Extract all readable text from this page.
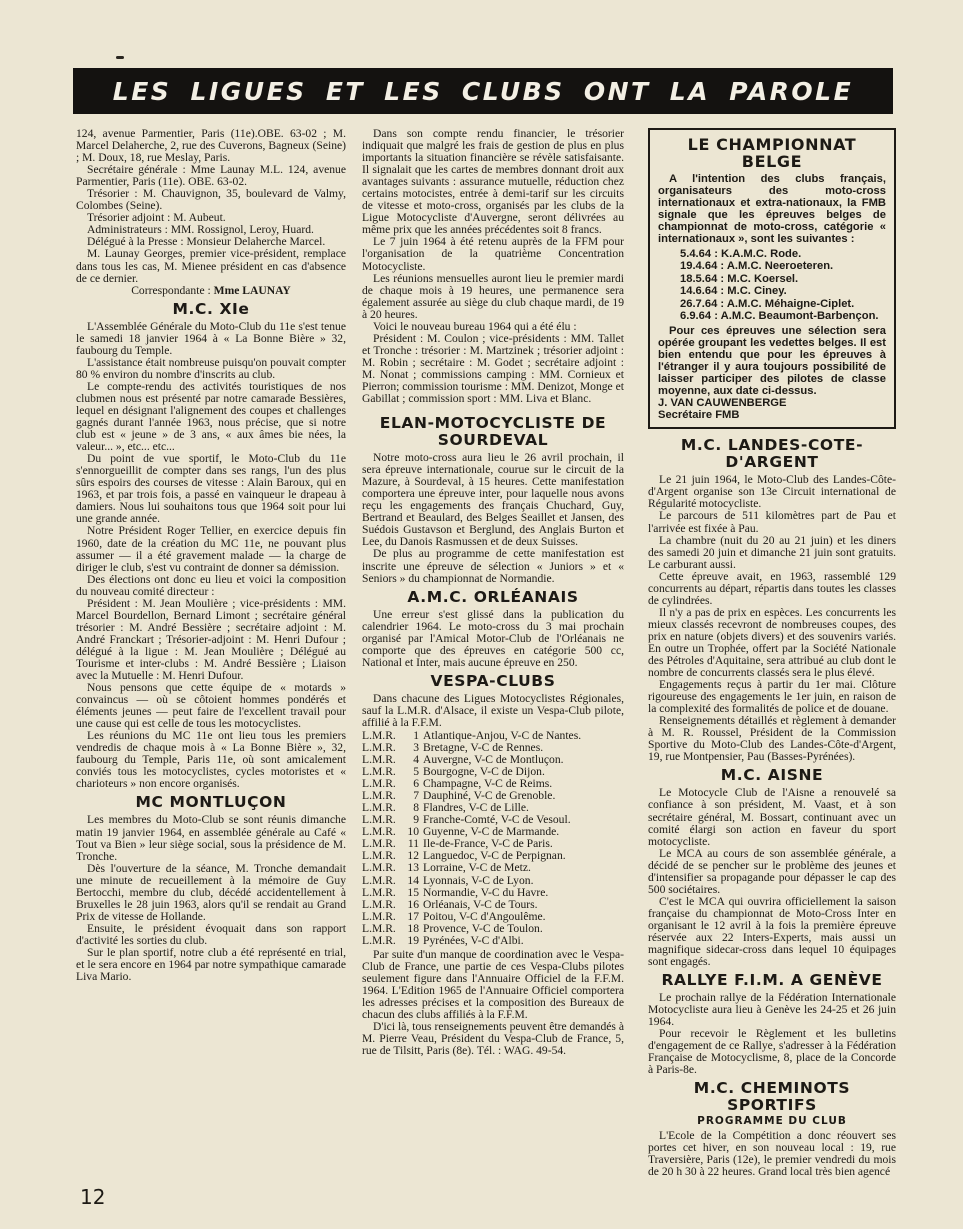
LES LIGUES ET LES CLUBS ONT LA PAROLE

124, avenue Parmentier, Paris (11e).OBE. 63-02 ; M. Marcel Delaherche, 2, rue des Cuverons, Bagneux (Seine) ; M. Doux, 18, rue Meslay, Paris.

Secrétaire générale : Mme Launay M.L. 124, avenue Parmentier, Paris (11e). OBE. 63-02.

Trésorier : M. Chauvignon, 35, boulevard de Valmy, Colombes (Seine).

Trésorier adjoint : M. Aubeut.

Administrateurs : MM. Rossignol, Leroy, Huard.

Délégué à la Presse : Monsieur Delaherche Marcel.

M. Launay Georges, premier vice-président, remplace dans tous les cas, M. Mienee président en cas d'absence de ce dernier.

Correspondante : Mme LAUNAY

M.C. XIe

L'Assemblée Générale du Moto-Club du 11e s'est tenue le samedi 18 janvier 1964 à « La Bonne Bière » 32, faubourg du Temple.

L'assistance était nombreuse puisqu'on pouvait compter 80 % environ du nombre d'inscrits au club.

Le compte-rendu des activités touristiques de nos clubmen nous est présenté par notre camarade Bessières, lequel en désignant l'alignement des coupes et challenges gagnés durant l'année 1963, nous précise, que si notre club est « jeune » de 3 ans, « aux âmes bie nées, la valeur... », etc... etc...

Du point de vue sportif, le Moto-Club du 11e s'ennorgueillit de compter dans ses rangs, l'un des plus sûrs espoirs des courses de vitesse : Alain Baroux, qui en 1963, et par trois fois, a passé en vainqueur le drapeau à damiers. Nous lui souhaitons tous que 1964 soit pour lui une grande année.

Notre Président Roger Tellier, en exercice depuis fin 1960, date de la création du MC 11e, ne pouvant plus assumer — il a été gravement malade — la charge de diriger le club, s'est vu contraint de donner sa démission.

Des élections ont donc eu lieu et voici la composition du nouveau comité directeur :

Président : M. Jean Moulière ; vice-présidents : MM. Marcel Bourdellon, Bernard Limont ; secrétaire général trésorier : M. André Bessière ; secrétaire adjoint : M. André Franckart ; Trésorier-adjoint : M. Henri Dufour ; délégué à la ligue : M. Jean Moulière ; Délégué au Tourisme et inter-clubs : M. André Bessière ; Liaison avec la Mutuelle : M. Henri Dufour.

Nous pensons que cette équipe de « motards » convaincus — où se côtoient hommes pondérés et éléments jeunes — peut faire de l'excellent travail pour une cause qui est celle de tous les motocyclistes.

Les réunions du MC 11e ont lieu tous les premiers vendredis de chaque mois à « La Bonne Bière », 32, faubourg du Temple, Paris 11e, où sont amicalement conviés tous les motocyclistes, cycles motoristes et « charioteurs » non encore organisés.

MC MONTLUÇON

Les membres du Moto-Club se sont réunis dimanche matin 19 janvier 1964, en assemblée générale au Café « Tout va Bien » leur siège social, sous la présidence de M. Tronche.

Dès l'ouverture de la séance, M. Tronche demandait une minute de recueillement à la mémoire de Guy Bertocchi, membre du club, décédé accidentellement à Bruxelles le 28 juin 1963, alors qu'il se rendait au Grand Prix de vitesse de Hollande.

Ensuite, le président évoquait dans son rapport d'activité les sorties du club.

Sur le plan sportif, notre club a été représenté en trial, et le sera encore en 1964 par notre sympathique camarade Liva Mario.

Dans son compte rendu financier, le trésorier indiquait que malgré les frais de gestion de plus en plus importants la situation financière se révèle satisfaisante. Il signalait que les cartes de membres donnant droit aux avantages suivants : assurance mutuelle, réduction chez certains motocistes, entrée à demi-tarif sur les circuits de vitesse et moto-cross, organisés par les clubs de la Ligue Motocycliste d'Auvergne, seront délivrées au même prix que les années précédentes soit 8 francs.

Le 7 juin 1964 à été retenu auprès de la FFM pour l'organisation de la quatrième Concentration Motocycliste.

Les réunions mensuelles auront lieu le premier mardi de chaque mois à 19 heures, une permanence sera également assurée au siège du club chaque mardi, de 19 à 20 heures.

Voici le nouveau bureau 1964 qui a été élu :

Président : M. Coulon ; vice-présidents : MM. Tallet et Tronche : trésorier : M. Martzinek ; trésorier adjoint : M. Robin ; secrétaire : M. Godet ; secrétaire adjoint : M. Nonat ; commissions camping : MM. Cornieux et Pierron; commission tourisme : MM. Denizot, Monge et Gabillat ; commission sport : MM. Liva et Blanc.

ELAN-MOTOCYCLISTE DE SOURDEVAL

Notre moto-cross aura lieu le 26 avril prochain, il sera épreuve internationale, courue sur le circuit de la Mazure, à Sourdeval, à 15 heures. Cette manifestation comportera une épreuve inter, pour laquelle nous avons reçu les engagements des français Chuchard, Guy, Bertrand et Beaulard, des Belges Seaillet et Jansen, des Suédois Gustavson et Berglund, des Anglais Burton et Lee, du Danois Rasmussen et de deux Suisses.

De plus au programme de cette manifestation est inscrite une épreuve de sélection « Juniors » et « Seniors » du championnat de Normandie.

A.M.C. ORLÉANAIS

Une erreur s'est glissé dans la publication du calendrier 1964. Le moto-cross du 3 mai prochain organisé par l'Amical Motor-Club de l'Orléanais ne comporte que des épreuves en catégorie 500 cc, National et Inter, mais aucune épreuve en 250.

VESPA-CLUBS

Dans chacune des Ligues Motocyclistes Régionales, sauf la L.M.R. d'Alsace, il existe un Vespa-Club pilote, affilié à la F.F.M.

L.M.R.	1 Atlantique-Anjou, V-C de Nantes.
L.M.R.	3 Bretagne, V-C de Rennes.
L.M.R.	4 Auvergne, V-C de Montluçon.
L.M.R.	5 Bourgogne, V-C de Dijon.
L.M.R.	6 Champagne, V-C de Reims.
L.M.R.	7 Dauphiné, V-C de Grenoble.
L.M.R.	8 Flandres, V-C de Lille.
L.M.R.	9 Franche-Comté, V-C de Vesoul.
L.M.R. 10 Guyenne, V-C de Marmande.
L.M.R.	11 Ile-de-France, V-C de Paris.
L.M.R. 12 Languedoc, V-C de Perpignan.
L.M.R. 13 Lorraine, V-C de Metz.
L.M.R. 14 Lyonnais, V-C de Lyon.
L.M.R. 15 Normandie, V-C du Havre.
L.M.R. 16 Orléanais, V-C de Tours.
L.M.R. 17 Poitou, V-C d'Angoulême.
L.M.R. 18 Provence, V-C de Toulon.
L.M.R. 19 Pyrénées, V-C d'Albi.

Par suite d'un manque de coordination avec le Vespa-Club de France, une partie de ces Vespa-Clubs pilotes seulement figure dans l'Annuaire Officiel de la F.F.M. 1964. L'Edition 1965 de l'Annuaire Officiel comportera les adresses précises et la composition des Bureaux de chacun des clubs affiliés à la F.F.M.

D'ici là, tous renseignements peuvent être demandés à M. Pierre Veau, Président du Vespa-Club de France, 5, rue de Tilsitt, Paris (8e). Tél. : WAG. 49-54.

LE CHAMPIONNAT BELGE

A l'intention des clubs français, organisateurs des moto-cross internationaux et extra-nationaux, la FMB signale que les épreuves belges de championnat de moto-cross, catégorie « internationaux », sont les suivantes :

5.4.64 : K.A.M.C. Rode.
19.4.64 : A.M.C. Neeroeteren.
18.5.64 : M.C. Koersel.
14.6.64 : M.C. Ciney.
26.7.64 : A.M.C. Méhaigne-Ciplet.
6.9.64 : A.M.C. Beaumont-Barbençon.

Pour ces épreuves une sélection sera opérée groupant les vedettes belges. Il est bien entendu que pour les épreuves à l'étranger il y aura toujours possibilité de laisser participer des pilotes de classe moyenne, aux date ci-dessus.

J. VAN CAUWENBERGE

Secrétaire FMB

M.C. LANDES-COTE-D'ARGENT

Le 21 juin 1964, le Moto-Club des Landes-Côte-d'Argent organise son 13e Circuit international de Régularité motocycliste.

Le parcours de 511 kilomètres part de Pau et l'arrivée est fixée à Pau.

La chambre (nuit du 20 au 21 juin) et les diners des samedi 20 juin et dimanche 21 juin sont gratuits. Le carburant aussi.

Cette épreuve avait, en 1963, rassemblé 129 concurrents au départ, répartis dans toutes les classes de cylindrées.

Il n'y a pas de prix en espèces. Les concurrents les mieux classés recevront de nombreuses coupes, des prix en nature (objets divers) et des souvenirs variés. En outre un Trophée, offert par la Société Nationale des Pétroles d'Aquitaine, sera attribué au club dont le nombre de concurrents classés sera le plus élevé.

Engagements reçus à partir du 1er mai. Clôture rigoureuse des engagements le 1er juin, en raison de la complexité des formalités de police et de douane.

Renseignements détaillés et règlement à demander à M. R. Roussel, Président de la Commission Sportive du Moto-Club des Landes-Côte-d'Argent, 19, rue Montpensier, Pau (Basses-Pyrénées).

M.C. AISNE

Le Motocycle Club de l'Aisne a renouvelé sa confiance à son président, M. Vaast, et à son secrétaire général, M. Bossart, continuant avec un comité élargi son action en faveur du sport motocycliste.

Le MCA au cours de son assemblée générale, a décidé de se pencher sur le problème des jeunes et d'intensifier sa propagande pour dépasser le cap des 500 sociétaires.

C'est le MCA qui ouvrira officiellement la saison française du championnat de Moto-Cross Inter en organisant le 12 avril à la fois la première épreuve réservée aux 22 Inters-Experts, mais aussi un magnifique sidecar-cross dans lequel 10 équipages sont engagés.

RALLYE F.I.M. A GENÈVE

Le prochain rallye de la Fédération Internationale Motocycliste aura lieu à Genève les 24-25 et 26 juin 1964.

Pour recevoir le Règlement et les bulletins d'engagement de ce Rallye, s'adresser à la Fédération Française de Motocyclisme, 8, place de la Concorde à Paris-8e.

M.C. CHEMINOTS SPORTIFS
PROGRAMME DU CLUB

L'Ecole de la Compétition a donc réouvert ses portes cet hiver, en son nouveau local : 19, rue Traversière, Paris (12e), le premier vendredi du mois de 20 h 30 à 22 heures. Grand local très bien agencé

12
